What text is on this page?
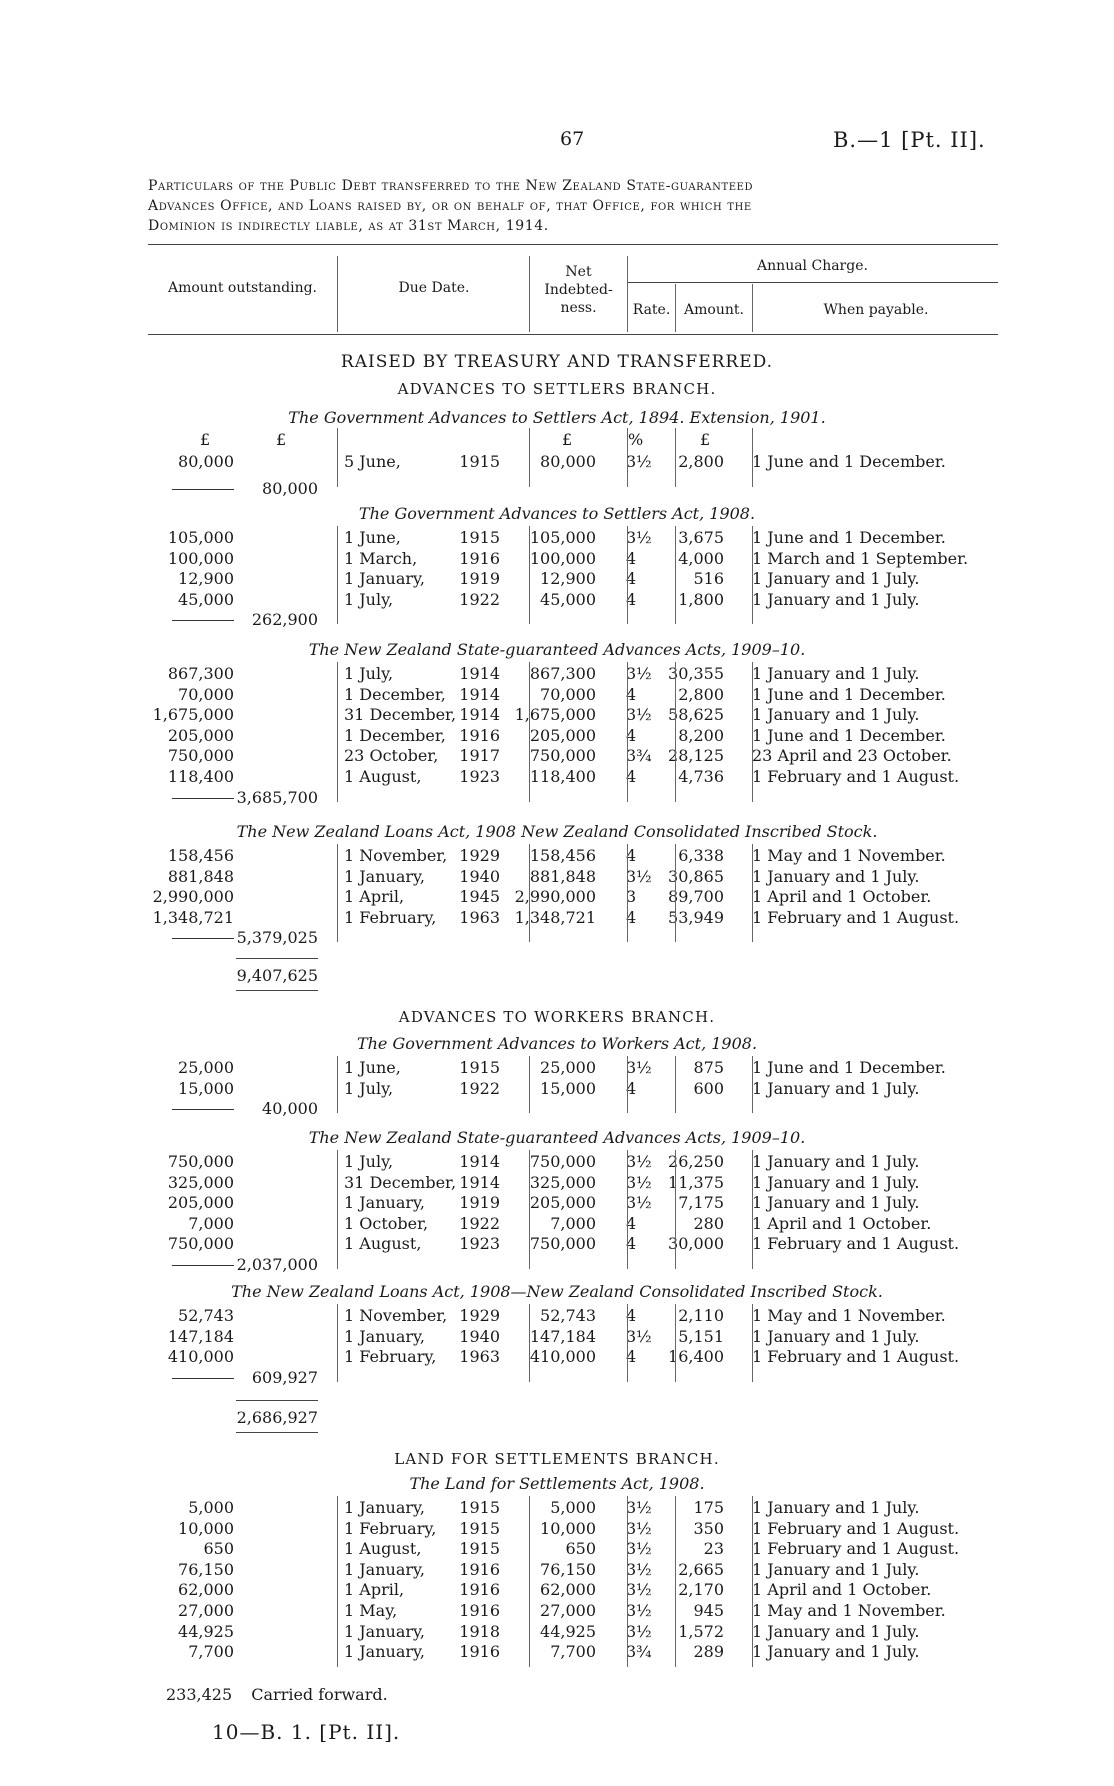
67	B.—1 [Pt. II].

Particulars of the Public Debt transferred to the New Zealand State-guaranteed

Advances Office, and Loans raised by, or on behalf of, that Office, for which the

Dominion is indirectly liable, as at 31st March, 1914.

Amount outstanding.	Due Date.
Net
Indebted-
ness.
Annual Charge.
Rate. Amount.	When payable.
RAISED BY TREASURY AND TRANSFERRED.
ADVANCES TO SETTLERS BRANCH.
The Government Advances to Settlers Act, 1894. Extension, 1901.
£	£	£	%	£
80,000	5 June,	1915	80,000 3½ 2,800 1 June and 1 December.
80,000
The Government Advances to Settlers Act, 1908.
105,000	1 June,	1915 105,000 3½ 3,675 1 June and 1 December.
100,000	1 March,	1916 100,000 4	4,000 1 March and 1 September.
12,900	1 January, 1919	12,900 4	516 1 January and 1 July.
45,000	1 July,	1922	45,000 4	1,800 1 January and 1 July.
262,900
The New Zealand State-guaranteed Advances Acts, 1909–10.
867,300	1 July,	1914 867,300 3½ 30,355 1 January and 1 July.
70,000	1 December, 1914	70,000 4	2,800 1 June and 1 December.
1,675,000	31 December, 1914 1,675,000 3½ 58,625 1 January and 1 July.
205,000	1 December, 1916 205,000 4	8,200 1 June and 1 December.
750,000	23 October, 1917 750,000 3¾ 28,125 23 April and 23 October.
118,400	1 August, 1923 118,400 4	4,736 1 February and 1 August.
3,685,700
The New Zealand Loans Act, 1908 New Zealand Consolidated Inscribed Stock.
158,456	1 November, 1929 158,456 4	6,338 1 May and 1 November.
881,848	1 January, 1940 881,848 3½ 30,865 1 January and 1 July.
2,990,000	1 April,	1945 2,990,000 3 89,700 1 April and 1 October.
1,348,721	1 February, 1963 1,348,721 4 53,949 1 February and 1 August.
5,379,025
9,407,625
ADVANCES TO WORKERS BRANCH.
The Government Advances to Workers Act, 1908.
25,000	1 June,	1915	25,000 3½	875 1 June and 1 December.
15,000	1 July,	1922	15,000 4	600 1 January and 1 July.
40,000
The New Zealand State-guaranteed Advances Acts, 1909–10.
750,000	1 July,	1914 750,000 3½ 26,250 1 January and 1 July.
325,000	31 December, 1914 325,000 3½ 11,375 1 January and 1 July.
205,000	1 January, 1919 205,000 3½ 7,175 1 January and 1 July.
7,000	1 October, 1922	7,000 4	280 1 April and 1 October.
750,000	1 August, 1923 750,000 4 30,000 1 February and 1 August.
2,037,000
The New Zealand Loans Act, 1908—New Zealand Consolidated Inscribed Stock.
52,743	1 November, 1929	52,743 4	2,110 1 May and 1 November.
147,184	1 January, 1940 147,184 3½ 5,151 1 January and 1 July.
410,000	1 February, 1963 410,000 4 16,400 1 February and 1 August.
609,927
2,686,927
LAND FOR SETTLEMENTS BRANCH.
The Land for Settlements Act, 1908.
5,000	1 January, 1915	5,000 3½	175 1 January and 1 July.
10,000	1 February, 1915	10,000 3½	350 1 February and 1 August.
650	1 August, 1915	650 3½	23 1 February and 1 August.
76,150	1 January, 1916	76,150 3½ 2,665 1 January and 1 July.
62,000	1 April,	1916	62,000 3½ 2,170 1 April and 1 October.
27,000	1 May,	1916	27,000 3½	945 1 May and 1 November.
44,925	1 January, 1918	44,925 3½ 1,572 1 January and 1 July.
7,700	1 January, 1916	7,700 3¾	289 1 January and 1 July.
233,425 Carried forward.
10—B. 1. [Pt. II].
